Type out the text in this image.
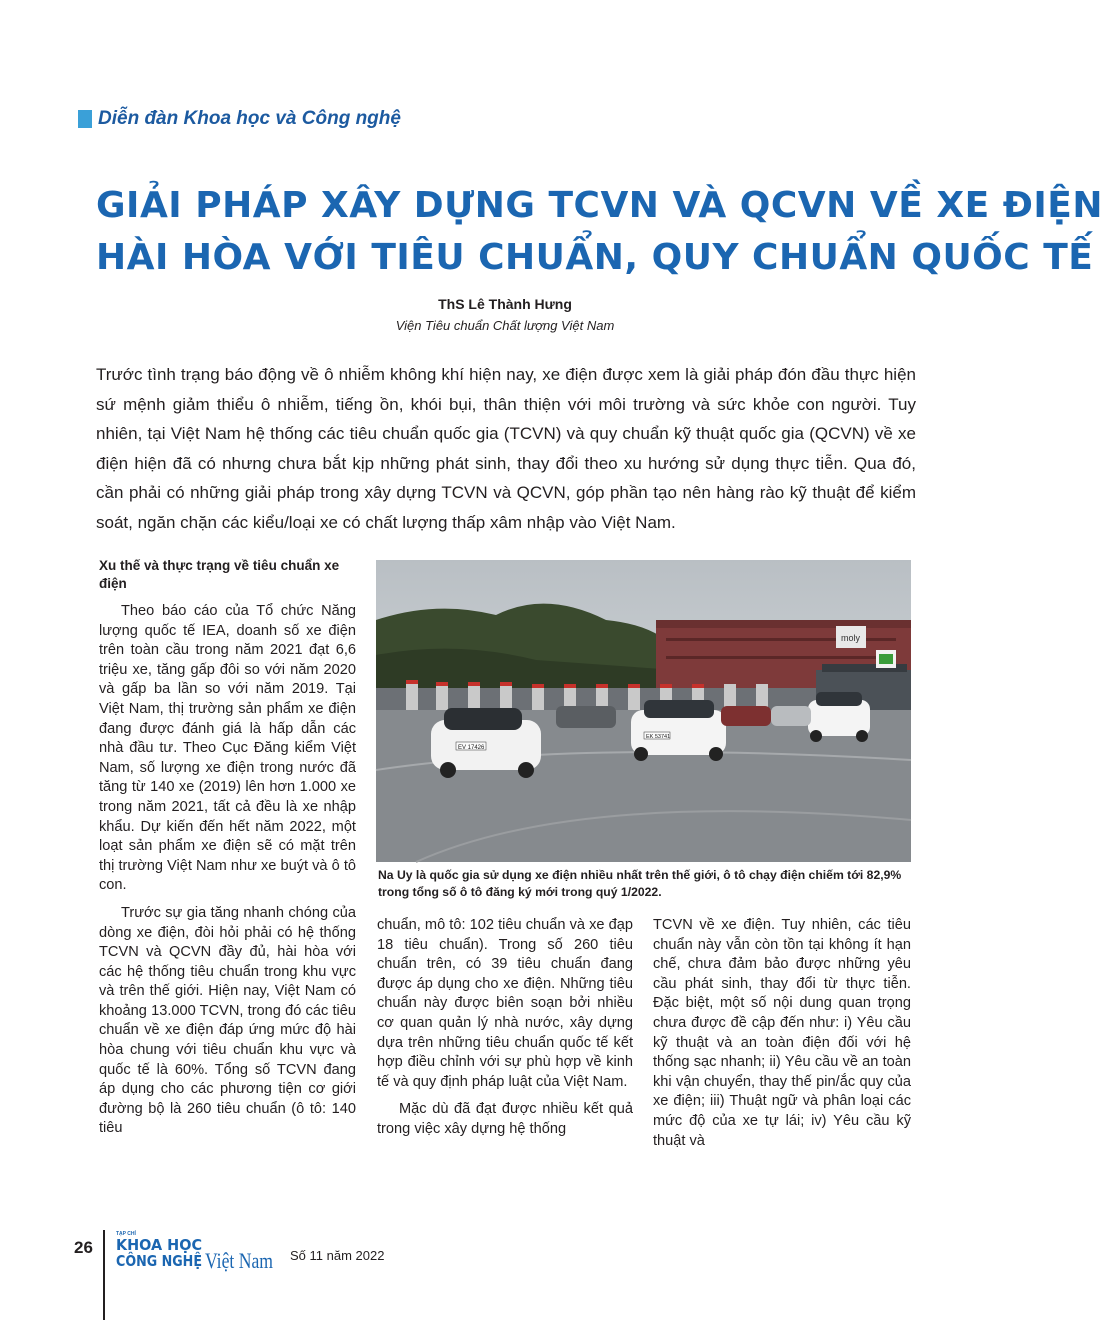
Diễn đàn Khoa học và Công nghệ
GIẢI PHÁP XÂY DỰNG TCVN VÀ QCVN VỀ XE ĐIỆN
HÀI HÒA VỚI TIÊU CHUẨN, QUY CHUẨN QUỐC TẾ
ThS Lê Thành Hưng
Viện Tiêu chuẩn Chất lượng Việt Nam
Trước tình trạng báo động về ô nhiễm không khí hiện nay, xe điện được xem là giải pháp đón đầu thực hiện sứ mệnh giảm thiểu ô nhiễm, tiếng ồn, khói bụi, thân thiện với môi trường và sức khỏe con người. Tuy nhiên, tại Việt Nam hệ thống các tiêu chuẩn quốc gia (TCVN) và quy chuẩn kỹ thuật quốc gia (QCVN) về xe điện hiện đã có nhưng chưa bắt kịp những phát sinh, thay đổi theo xu hướng sử dụng thực tiễn. Qua đó, cần phải có những giải pháp trong xây dựng TCVN và QCVN, góp phần tạo nên hàng rào kỹ thuật để kiểm soát, ngăn chặn các kiểu/loại xe có chất lượng thấp xâm nhập vào Việt Nam.
Xu thế và thực trạng về tiêu chuẩn xe điện

Theo báo cáo của Tổ chức Năng lượng quốc tế IEA, doanh số xe điện trên toàn cầu trong năm 2021 đạt 6,6 triệu xe, tăng gấp đôi so với năm 2020 và gấp ba lần so với năm 2019. Tại Việt Nam, thị trường sản phẩm xe điện đang được đánh giá là hấp dẫn các nhà đầu tư. Theo Cục Đăng kiểm Việt Nam, số lượng xe điện trong nước đã tăng từ 140 xe (2019) lên hơn 1.000 xe trong năm 2021, tất cả đều là xe nhập khẩu. Dự kiến đến hết năm 2022, một loạt sản phẩm xe điện sẽ có mặt trên thị trường Việt Nam như xe buýt và ô tô con.

Trước sự gia tăng nhanh chóng của dòng xe điện, đòi hỏi phải có hệ thống TCVN và QCVN đầy đủ, hài hòa với các hệ thống tiêu chuẩn trong khu vực và trên thế giới. Hiện nay, Việt Nam có khoảng 13.000 TCVN, trong đó các tiêu chuẩn về xe điện đáp ứng mức độ hài hòa chung với tiêu chuẩn khu vực và quốc tế là 60%. Tổng số TCVN đang áp dụng cho các phương tiện cơ giới đường bộ là 260 tiêu chuẩn (ô tô: 140 tiêu

moly
EV 17426
EK 53741
Na Uy là quốc gia sử dụng xe điện nhiều nhất trên thế giới, ô tô chạy điện chiếm tới 82,9% trong tổng số ô tô đăng ký mới trong quý 1/2022.

chuẩn, mô tô: 102 tiêu chuẩn và xe đạp 18 tiêu chuẩn). Trong số 260 tiêu chuẩn trên, có 39 tiêu chuẩn đang được áp dụng cho xe điện. Những tiêu chuẩn này được biên soạn bởi nhiều cơ quan quản lý nhà nước, xây dựng dựa trên những tiêu chuẩn quốc tế kết hợp điều chỉnh với sự phù hợp về kinh tế và quy định pháp luật của Việt Nam.

Mặc dù đã đạt được nhiều kết quả trong việc xây dựng hệ thống

TCVN về xe điện. Tuy nhiên, các tiêu chuẩn này vẫn còn tồn tại không ít hạn chế, chưa đảm bảo được những yêu cầu phát sinh, thay đổi từ thực tiễn. Đặc biệt, một số nội dung quan trọng chưa được đề cập đến như: i) Yêu cầu kỹ thuật và an toàn điện đối với hệ thống sạc nhanh; ii) Yêu cầu về an toàn khi vận chuyển, thay thế pin/ắc quy của xe điện; iii) Thuật ngữ và phân loại các mức độ của xe tự lái; iv) Yêu cầu kỹ thuật và

26
TẠP CHÍ
KHOA HỌC
CÔNG NGHỆ
Việt Nam Số 11 năm 2022
